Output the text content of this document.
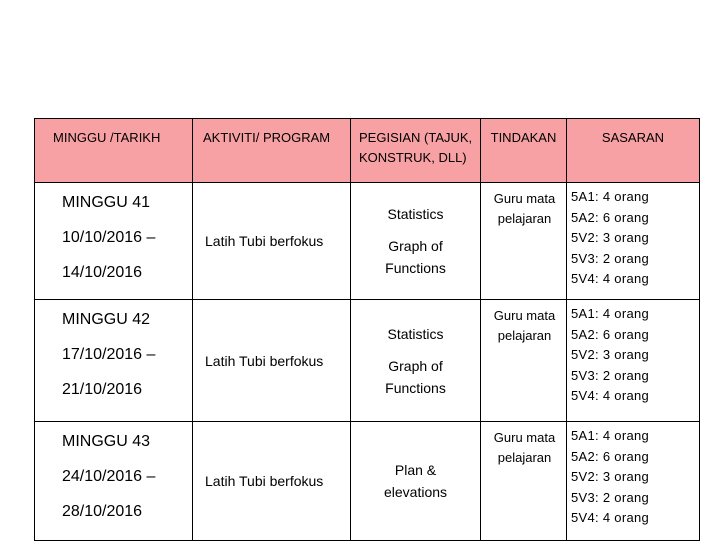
MINGGU /TARIKH	AKTIVITI/ PROGRAM	PEGISIAN (TAJUK, KONSTRUK, DLL)	TINDAKAN	SASARAN

MINGGU 41
10/10/2016 –
14/10/2016	Latih Tubi berfokus	Statistics
Graph of
Functions	Guru mata pelajaran	5A1: 4 orang
5A2: 6 orang
5V2: 3 orang
5V3: 2 orang
5V4: 4 orang

MINGGU 42
17/10/2016 –
21/10/2016	Latih Tubi berfokus	Statistics
Graph of
Functions	Guru mata pelajaran	5A1: 4 orang
5A2: 6 orang
5V2: 3 orang
5V3: 2 orang
5V4: 4 orang

MINGGU 43
24/10/2016 –
28/10/2016	Latih Tubi berfokus	Plan &
elevations	Guru mata pelajaran	5A1: 4 orang
5A2: 6 orang
5V2: 3 orang
5V3: 2 orang
5V4: 4 orang
